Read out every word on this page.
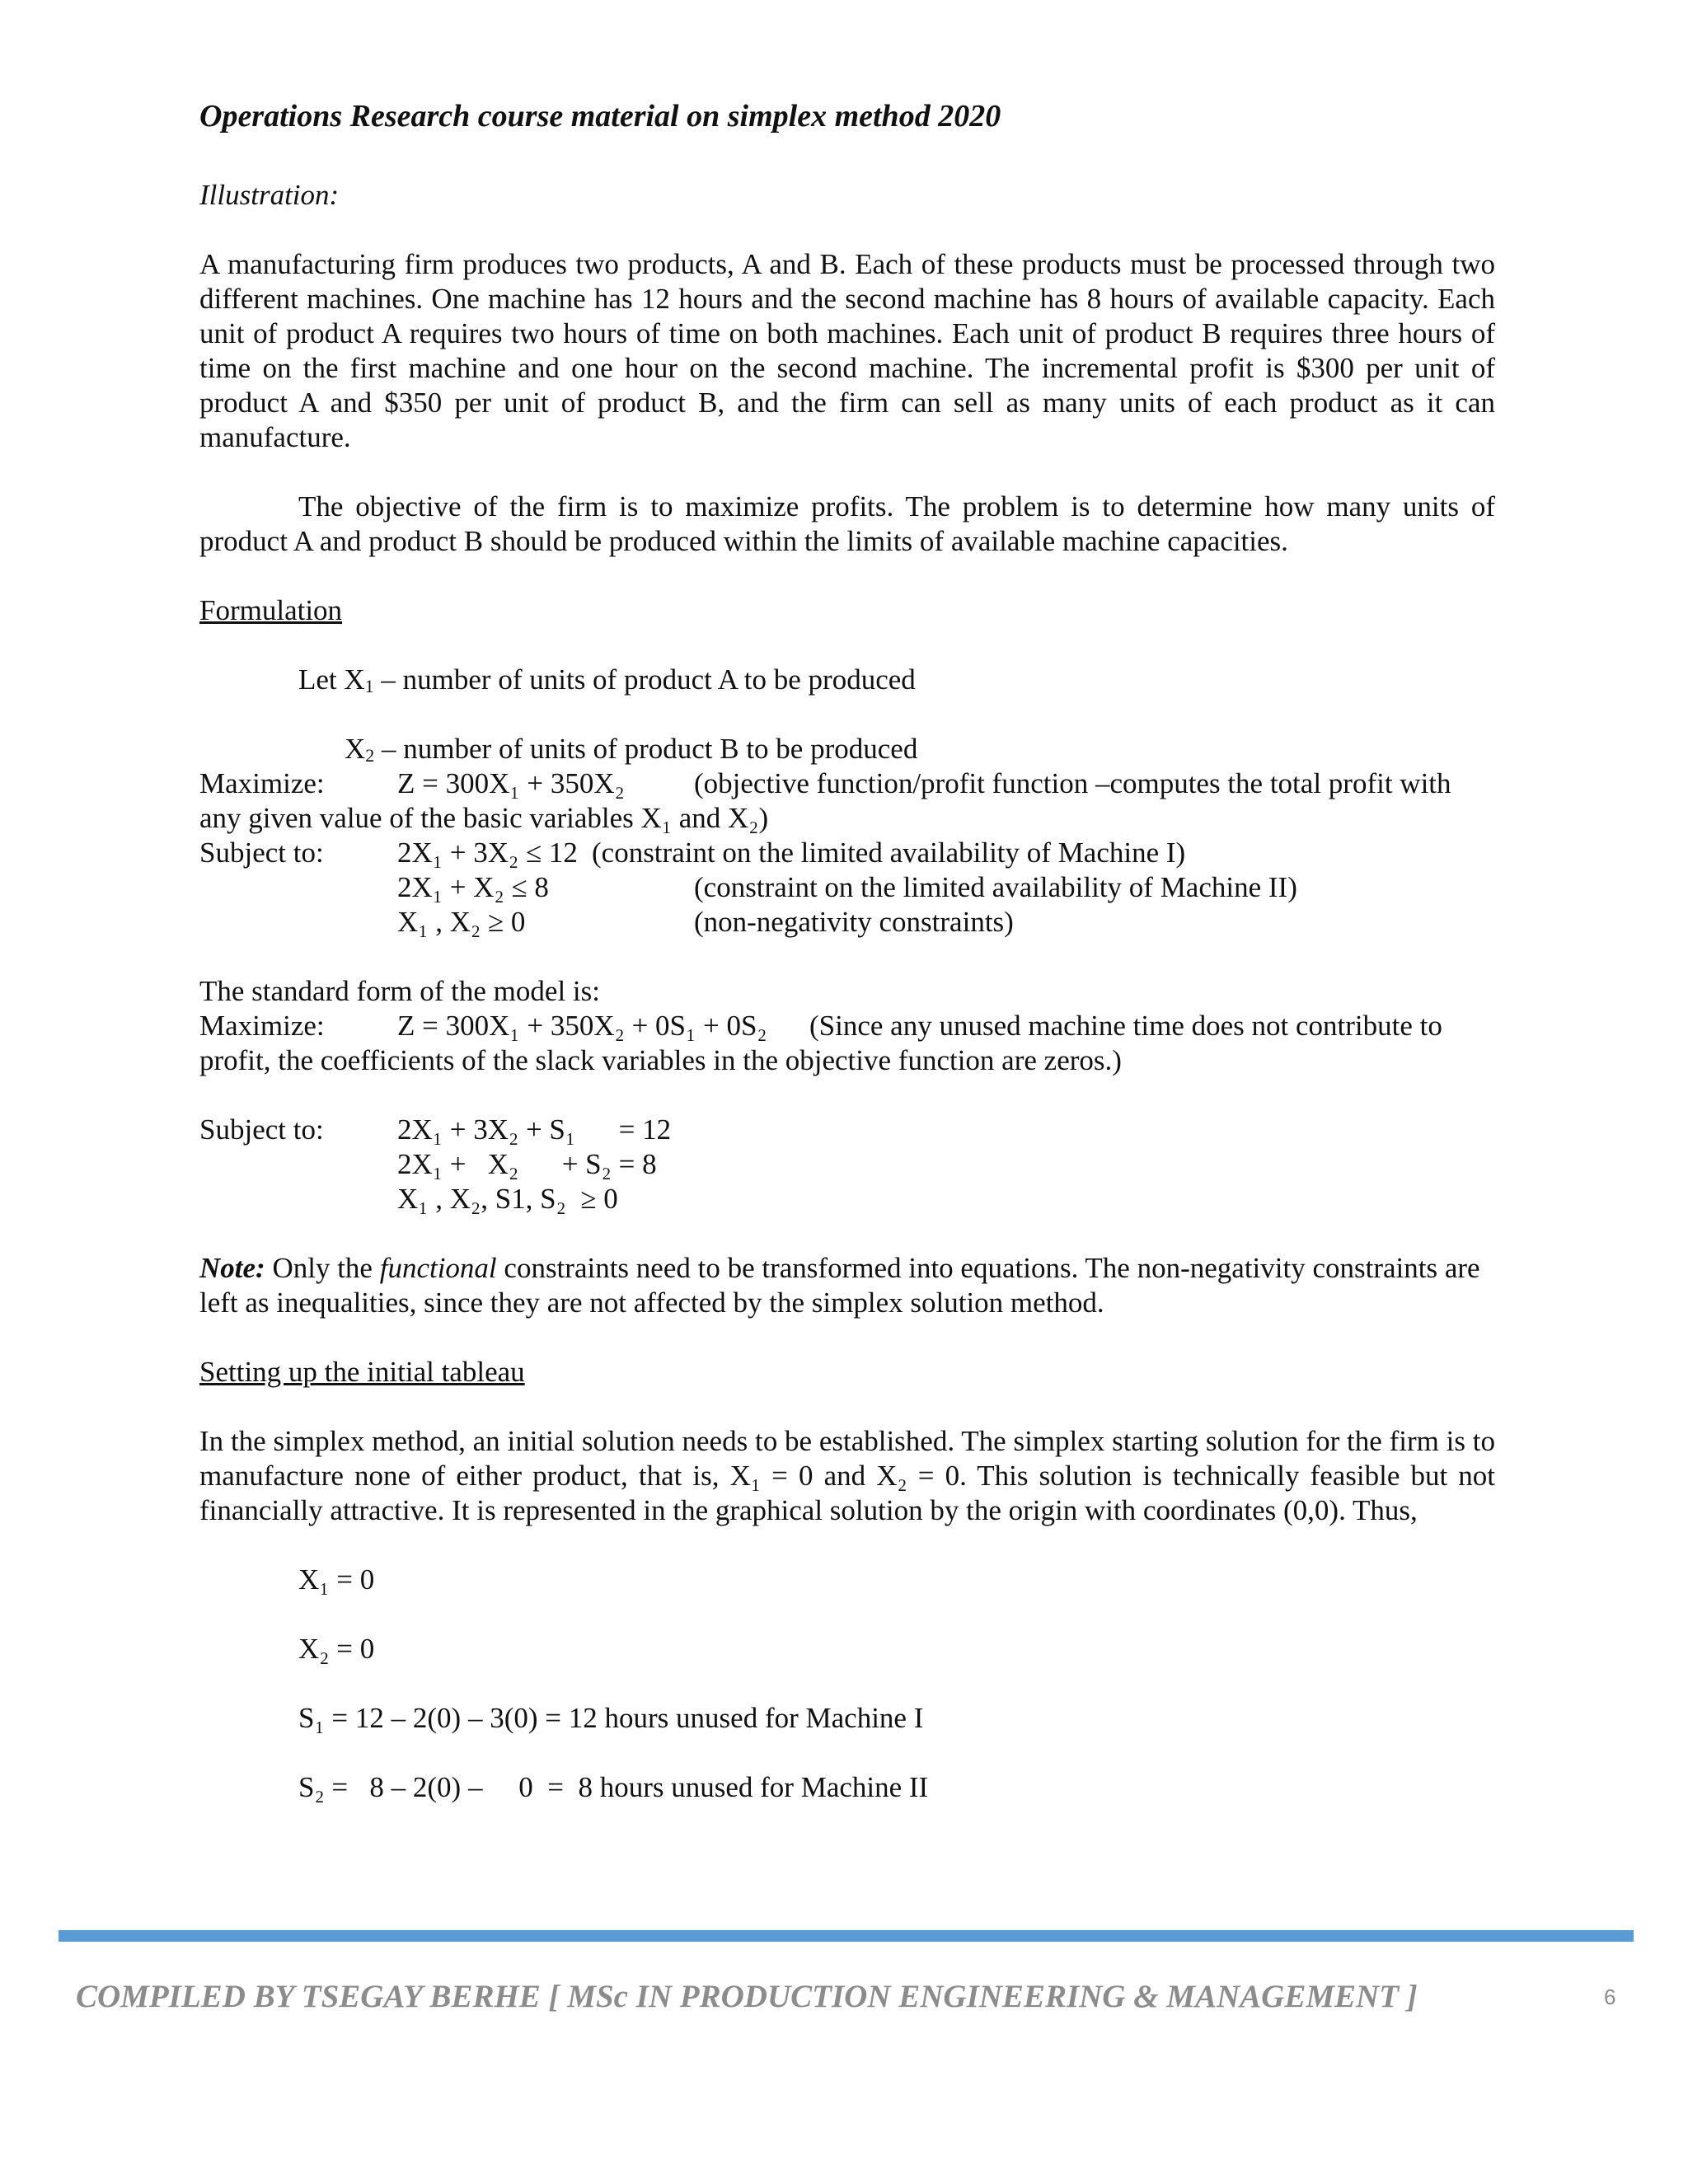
Operations Research course material on simplex method 2020

Illustration:

A manufacturing firm produces two products, A and B. Each of these products must be processed through two different machines. One machine has 12 hours and the second machine has 8 hours of available capacity. Each unit of product A requires two hours of time on both machines. Each unit of product B requires three hours of time on the first machine and one hour on the second machine. The incremental profit is $300 per unit of product A and $350 per unit of product B, and the firm can sell as many units of each product as it can manufacture.

The objective of the firm is to maximize profits. The problem is to determine how many units of product A and product B should be produced within the limits of available machine capacities.

Formulation

Let $X_1$ – number of units of product A to be produced

$X_2$ – number of units of product B to be produced

Maximize:	Z = 300X₁ + 350X₂ (objective function/profit function –computes the total profit with

any given value of the basic variables X₁ and X₂)

Subject to:	2X₁ + 3X₂ ≤ 12 (constraint on the limited availability of Machine I)
2X₁ + X₂ ≤ 8	(constraint on the limited availability of Machine II)
X₁ , X₂ ≥ 0	(non-negativity constraints)

The standard form of the model is:

Maximize:	Z = 300X₁ + 350X₂ + 0S₁ + 0S₂ (Since any unused machine time does not contribute to

profit, the coefficients of the slack variables in the objective function are zeros.)

Subject to:	2X₁ + 3X₂ + S₁      = 12
2X₁ +   X₂      + S₂ = 8
X₁ , X₂, S1, S₂  ≥ 0

Note: Only the functional constraints need to be transformed into equations. The non-negativity constraints are left as inequalities, since they are not affected by the simplex solution method.

Setting up the initial tableau

In the simplex method, an initial solution needs to be established. The simplex starting solution for the firm is to manufacture none of either product, that is, X₁ = 0 and X₂ = 0. This solution is technically feasible but not financially attractive. It is represented in the graphical solution by the origin with coordinates (0,0). Thus,

X₁ = 0

X₂ = 0

S₁ = 12 – 2(0) – 3(0) = 12 hours unused for Machine I

S₂ =   8 – 2(0) –     0  =  8 hours unused for Machine II

COMPILED BY TSEGAY BERHE [ MSc IN PRODUCTION ENGINEERING & MANAGEMENT ]	6
